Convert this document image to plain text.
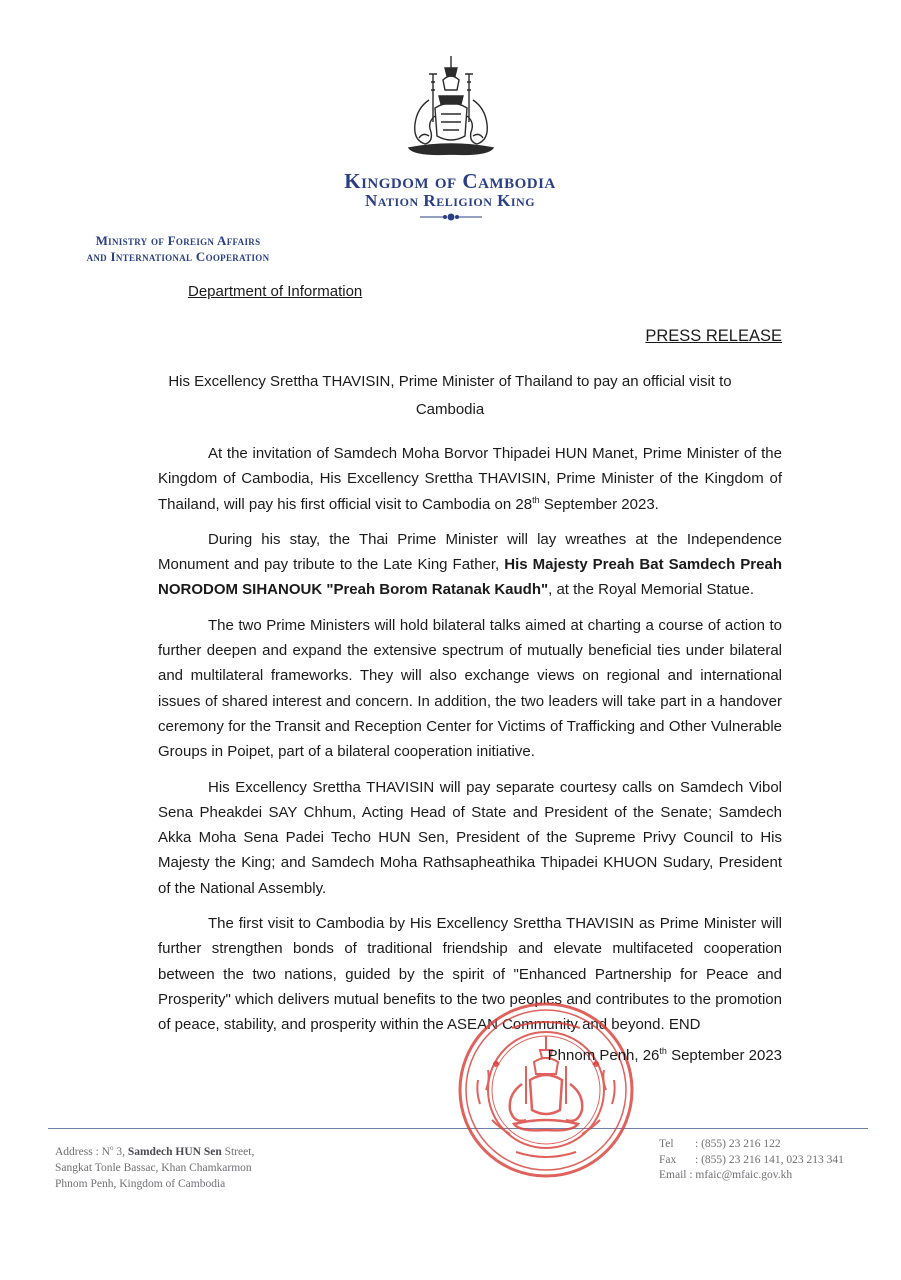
Kingdom of Cambodia
Nation Religion King
Ministry of Foreign Affairs
and International Cooperation
Department of Information
PRESS RELEASE
His Excellency Srettha THAVISIN, Prime Minister of Thailand to pay an official visit to
Cambodia

At the invitation of Samdech Moha Borvor Thipadei HUN Manet, Prime Minister of the Kingdom of Cambodia, His Excellency Srettha THAVISIN, Prime Minister of the Kingdom of Thailand, will pay his first official visit to Cambodia on 28th September 2023.

During his stay, the Thai Prime Minister will lay wreathes at the Independence Monument and pay tribute to the Late King Father, His Majesty Preah Bat Samdech Preah NORODOM SIHANOUK "Preah Borom Ratanak Kaudh", at the Royal Memorial Statue.

The two Prime Ministers will hold bilateral talks aimed at charting a course of action to further deepen and expand the extensive spectrum of mutually beneficial ties under bilateral and multilateral frameworks. They will also exchange views on regional and international issues of shared interest and concern. In addition, the two leaders will take part in a handover ceremony for the Transit and Reception Center for Victims of Trafficking and Other Vulnerable Groups in Poipet, part of a bilateral cooperation initiative.

His Excellency Srettha THAVISIN will pay separate courtesy calls on Samdech Vibol Sena Pheakdei SAY Chhum, Acting Head of State and President of the Senate; Samdech Akka Moha Sena Padei Techo HUN Sen, President of the Supreme Privy Council to His Majesty the King; and Samdech Moha Rathsapheathika Thipadei KHUON Sudary, President of the National Assembly.

The first visit to Cambodia by His Excellency Srettha THAVISIN as Prime Minister will further strengthen bonds of traditional friendship and elevate multifaceted cooperation between the two nations, guided by the spirit of "Enhanced Partnership for Peace and Prosperity" which delivers mutual benefits to the two peoples and contributes to the promotion of peace, stability, and prosperity within the ASEAN Community and beyond. END

Phnom Penh, 26th September 2023
Address : $N^o$ 3, Samdech HUN Sen Street,
Sangkat Tonle Bassac, Khan Chamkarmon
Phnom Penh, Kingdom of Cambodia
Tel : (855) 23 216 122
Fax : (855) 23 216 141, 023 213 341
Email : mfaic@mfaic.gov.kh
